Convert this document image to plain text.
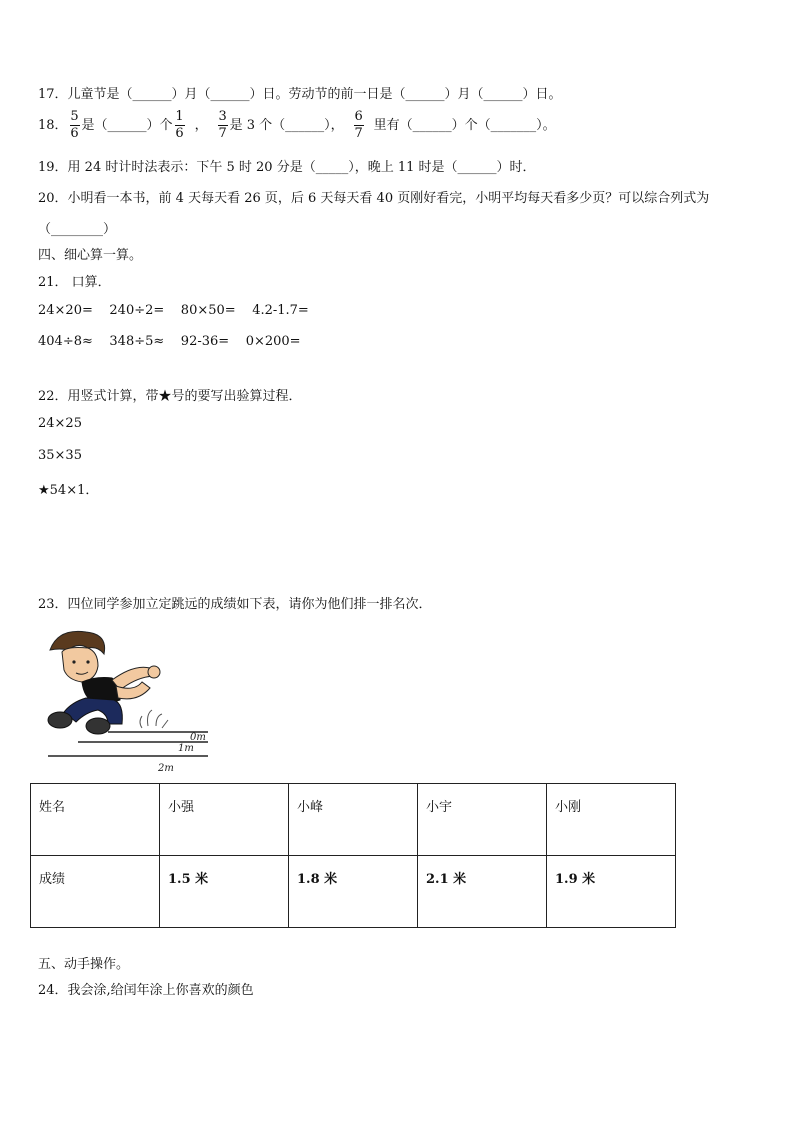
17．儿童节是（______）月（______）日。劳动节的前一日是（______）月（______）日。
18． $\frac{5}{6}$ 是（______）个 $\frac{1}{6}$ ， $\frac{3}{7}$ 是 3 个（______）， $\frac{6}{7}$ 里有（______）个（_______）。
19．用 24 时计时法表示：下午 5 时 20 分是（_____），晚上 11 时是（______）时．
20．小明看一本书，前 4 天每天看 26 页，后 6 天每天看 40 页刚好看完，小明平均每天看多少页？可以综合列式为
（________）
四、细心算一算。
21． 口算．
24×20=    240÷2=    80×50=    4.2-1.7=
404÷8≈    348÷5≈    92-36=    0×200=
22．用竖式计算，带★号的要写出验算过程．
24×25
35×35
★54×1．
23．四位同学参加立定跳远的成绩如下表，请你为他们排一排名次．
0m
1m
2m
姓名	小强	小峰	小宇	小刚
成绩	1.5 米	1.8 米	2.1 米	1.9 米
五、动手操作。
24．我会涂,给闰年涂上你喜欢的颜色
